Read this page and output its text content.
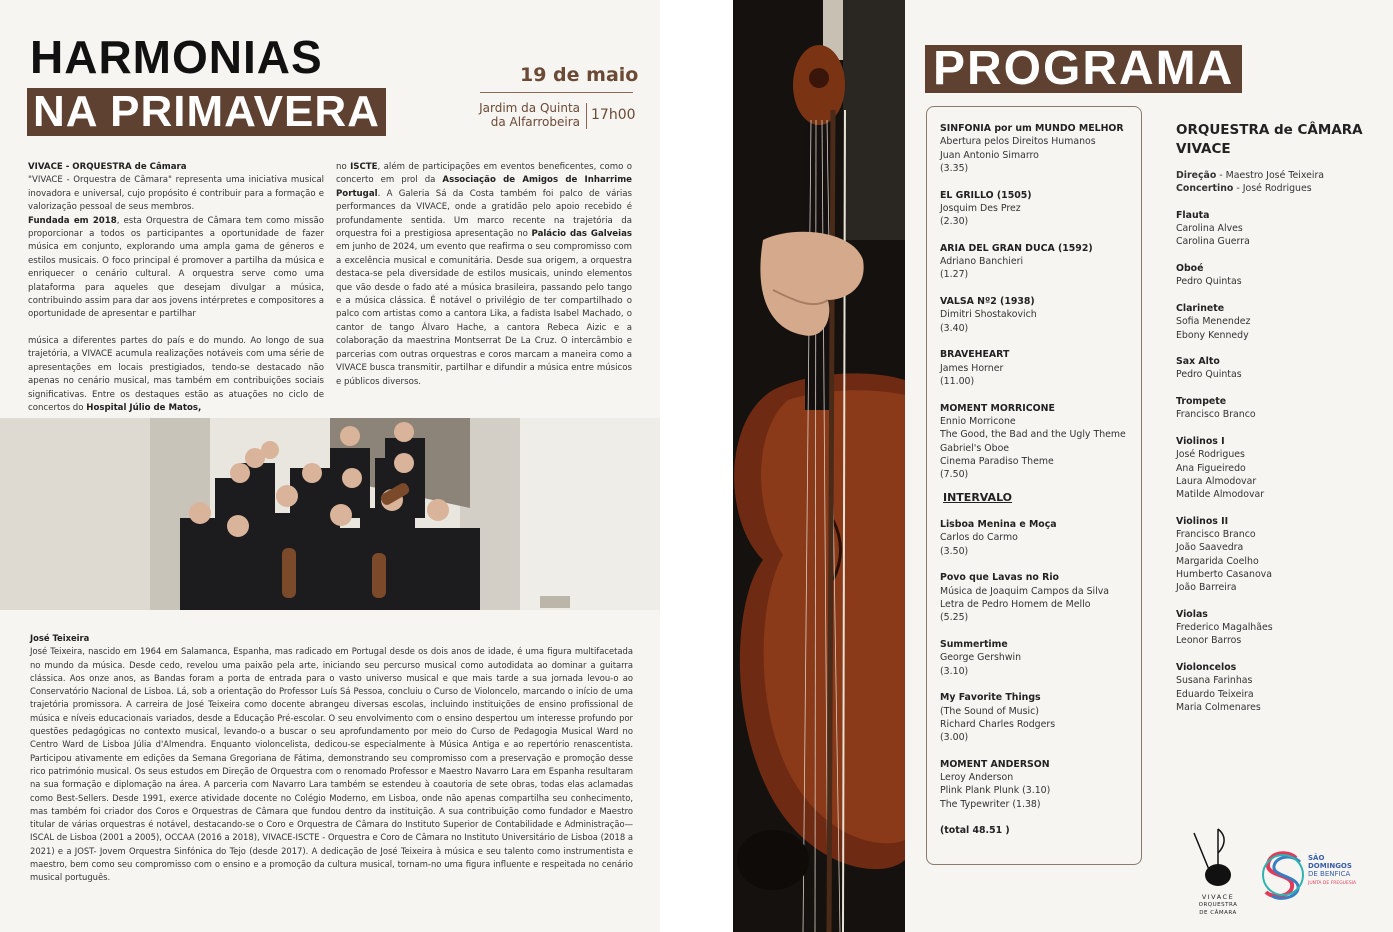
HARMONIAS
NA PRIMAVERA
19 de maio
Jardim da Quinta
da Alfarrobeira 17h00

VIVACE - ORQUESTRA de Câmara
"VIVACE - Orquestra de Câmara" representa uma iniciativa musical inovadora e universal, cujo propósito é contribuir para a formação e valorização pessoal de seus membros.

Fundada em 2018, esta Orquestra de Câmara tem como missão proporcionar a todos os participantes a oportunidade de fazer música em conjunto, explorando uma ampla gama de géneros e estilos musicais. O foco principal é promover a partilha da música e enriquecer o cenário cultural. A orquestra serve como uma plataforma para aqueles que desejam divulgar a música, contribuindo assim para dar aos jovens intérpretes e compositores a oportunidade de apresentar e partilhar

música a diferentes partes do país e do mundo. Ao longo de sua trajetória, a VIVACE acumula realizações notáveis com uma série de apresentações em locais prestigiados, tendo-se destacado não apenas no cenário musical, mas também em contribuições sociais significativas. Entre os destaques estão as atuações no ciclo de concertos do Hospital Júlio de Matos,

no ISCTE, além de participações em eventos beneficentes, como o concerto em prol da Associação de Amigos de Inharrime Portugal. A Galeria Sá da Costa também foi palco de várias performances da VIVACE, onde a gratidão pelo apoio recebido é profundamente sentida. Um marco recente na trajetória da orquestra foi a prestigiosa apresentação no Palácio das Galveias em junho de 2024, um evento que reafirma o seu compromisso com a excelência musical e comunitária. Desde sua origem, a orquestra destaca-se pela diversidade de estilos musicais, unindo elementos que vão desde o fado até a música brasileira, passando pelo tango e a música clássica. É notável o privilégio de ter compartilhado o palco com artistas como a cantora Lika, a fadista Isabel Machado, o cantor de tango Álvaro Hache, a cantora Rebeca Aizic e a colaboração da maestrina Montserrat De La Cruz. O intercâmbio e parcerias com outras orquestras e coros marcam a maneira como a VIVACE busca transmitir, partilhar e difundir a música entre músicos e públicos diversos.
José Teixeira
José Teixeira, nascido em 1964 em Salamanca, Espanha, mas radicado em Portugal desde os dois anos de idade, é uma figura multifacetada no mundo da música. Desde cedo, revelou uma paixão pela arte, iniciando seu percurso musical como autodidata ao dominar a guitarra clássica. Aos onze anos, as Bandas foram a porta de entrada para o vasto universo musical e que mais tarde a sua jornada levou-o ao Conservatório Nacional de Lisboa. Lá, sob a orientação do Professor Luís Sá Pessoa, concluiu o Curso de Violoncelo, marcando o início de uma trajetória promissora. A carreira de José Teixeira como docente abrangeu diversas escolas, incluindo instituições de ensino profissional de música e níveis educacionais variados, desde a Educação Pré-escolar. O seu envolvimento com o ensino despertou um interesse profundo por questões pedagógicas no contexto musical, levando-o a buscar o seu aprofundamento por meio do Curso de Pedagogia Musical Ward no Centro Ward de Lisboa Júlia d'Almendra. Enquanto violoncelista, dedicou-se especialmente à Música Antiga e ao repertório renascentista. Participou ativamente em edições da Semana Gregoriana de Fátima, demonstrando seu compromisso com a preservação e promoção desse rico património musical. Os seus estudos em Direção de Orquestra com o renomado Professor e Maestro Navarro Lara em Espanha resultaram na sua formação e diplomação na área. A parceria com Navarro Lara também se estendeu à coautoria de sete obras, todas elas aclamadas como Best-Sellers. Desde 1991, exerce atividade docente no Colégio Moderno, em Lisboa, onde não apenas compartilha seu conhecimento, mas também foi criador dos Coros e Orquestras de Câmara que fundou dentro da instituição. A sua contribuição como fundador e Maestro titular de várias orquestras é notável, destacando-se o Coro e Orquestra de Câmara do Instituto Superior de Contabilidade e Administração—ISCAL de Lisboa (2001 a 2005), OCCAA (2016 a 2018), VIVACE-ISCTE - Orquestra e Coro de Câmara no Instituto Universitário de Lisboa (2018 a 2021) e a JOST- Jovem Orquestra Sinfónica do Tejo (desde 2017). A dedicação de José Teixeira à música e seu talento como instrumentista e maestro, bem como seu compromisso com o ensino e a promoção da cultura musical, tornam-no uma figura influente e respeitada no cenário musical português.
PROGRAMA
SINFONIA por um MUNDO MELHOR
Abertura pelos Direitos Humanos
Juan Antonio Simarro
(3.35)
EL GRILLO (1505)
Josquim Des Prez
(2.30)
ARIA DEL GRAN DUCA (1592)
Adriano Banchieri
(1.27)
VALSA Nº2 (1938)
Dimitri Shostakovich
(3.40)
BRAVEHEART
James Horner
(11.00)
MOMENT MORRICONE
Ennio Morricone
The Good, the Bad and the Ugly Theme
Gabriel's Oboe
Cinema Paradiso Theme
(7.50)
INTERVALO
Lisboa Menina e Moça
Carlos do Carmo
(3.50)
Povo que Lavas no Rio
Música de Joaquim Campos da Silva
Letra de Pedro Homem de Mello
(5.25)
Summertime
George Gershwin
(3.10)
My Favorite Things
(The Sound of Music)
Richard Charles Rodgers
(3.00)
MOMENT ANDERSON
Leroy Anderson
Plink Plank Plunk (3.10)
The Typewriter (1.38)
(total 48.51 )
ORQUESTRA de CÂMARA
VIVACE
Direção - Maestro José Teixeira
Concertino - José Rodrigues
Flauta
Carolina Alves
Carolina Guerra
Oboé
Pedro Quintas
Clarinete
Sofia Menendez
Ebony Kennedy
Sax Alto
Pedro Quintas
Trompete
Francisco Branco
Violinos I
José Rodrigues
Ana Figueiredo
Laura Almodovar
Matilde Almodovar
Violinos II
Francisco Branco
João Saavedra
Margarida Coelho
Humberto Casanova
João Barreira
Violas
Frederico Magalhães
Leonor Barros
Violoncelos
Susana Farinhas
Eduardo Teixeira
Maria Colmenares
VIVACE
ORQUESTRA
DE CÂMARA
SÃO
DOMINGOS
DE BENFICA
JUNTA DE FREGUESIA
